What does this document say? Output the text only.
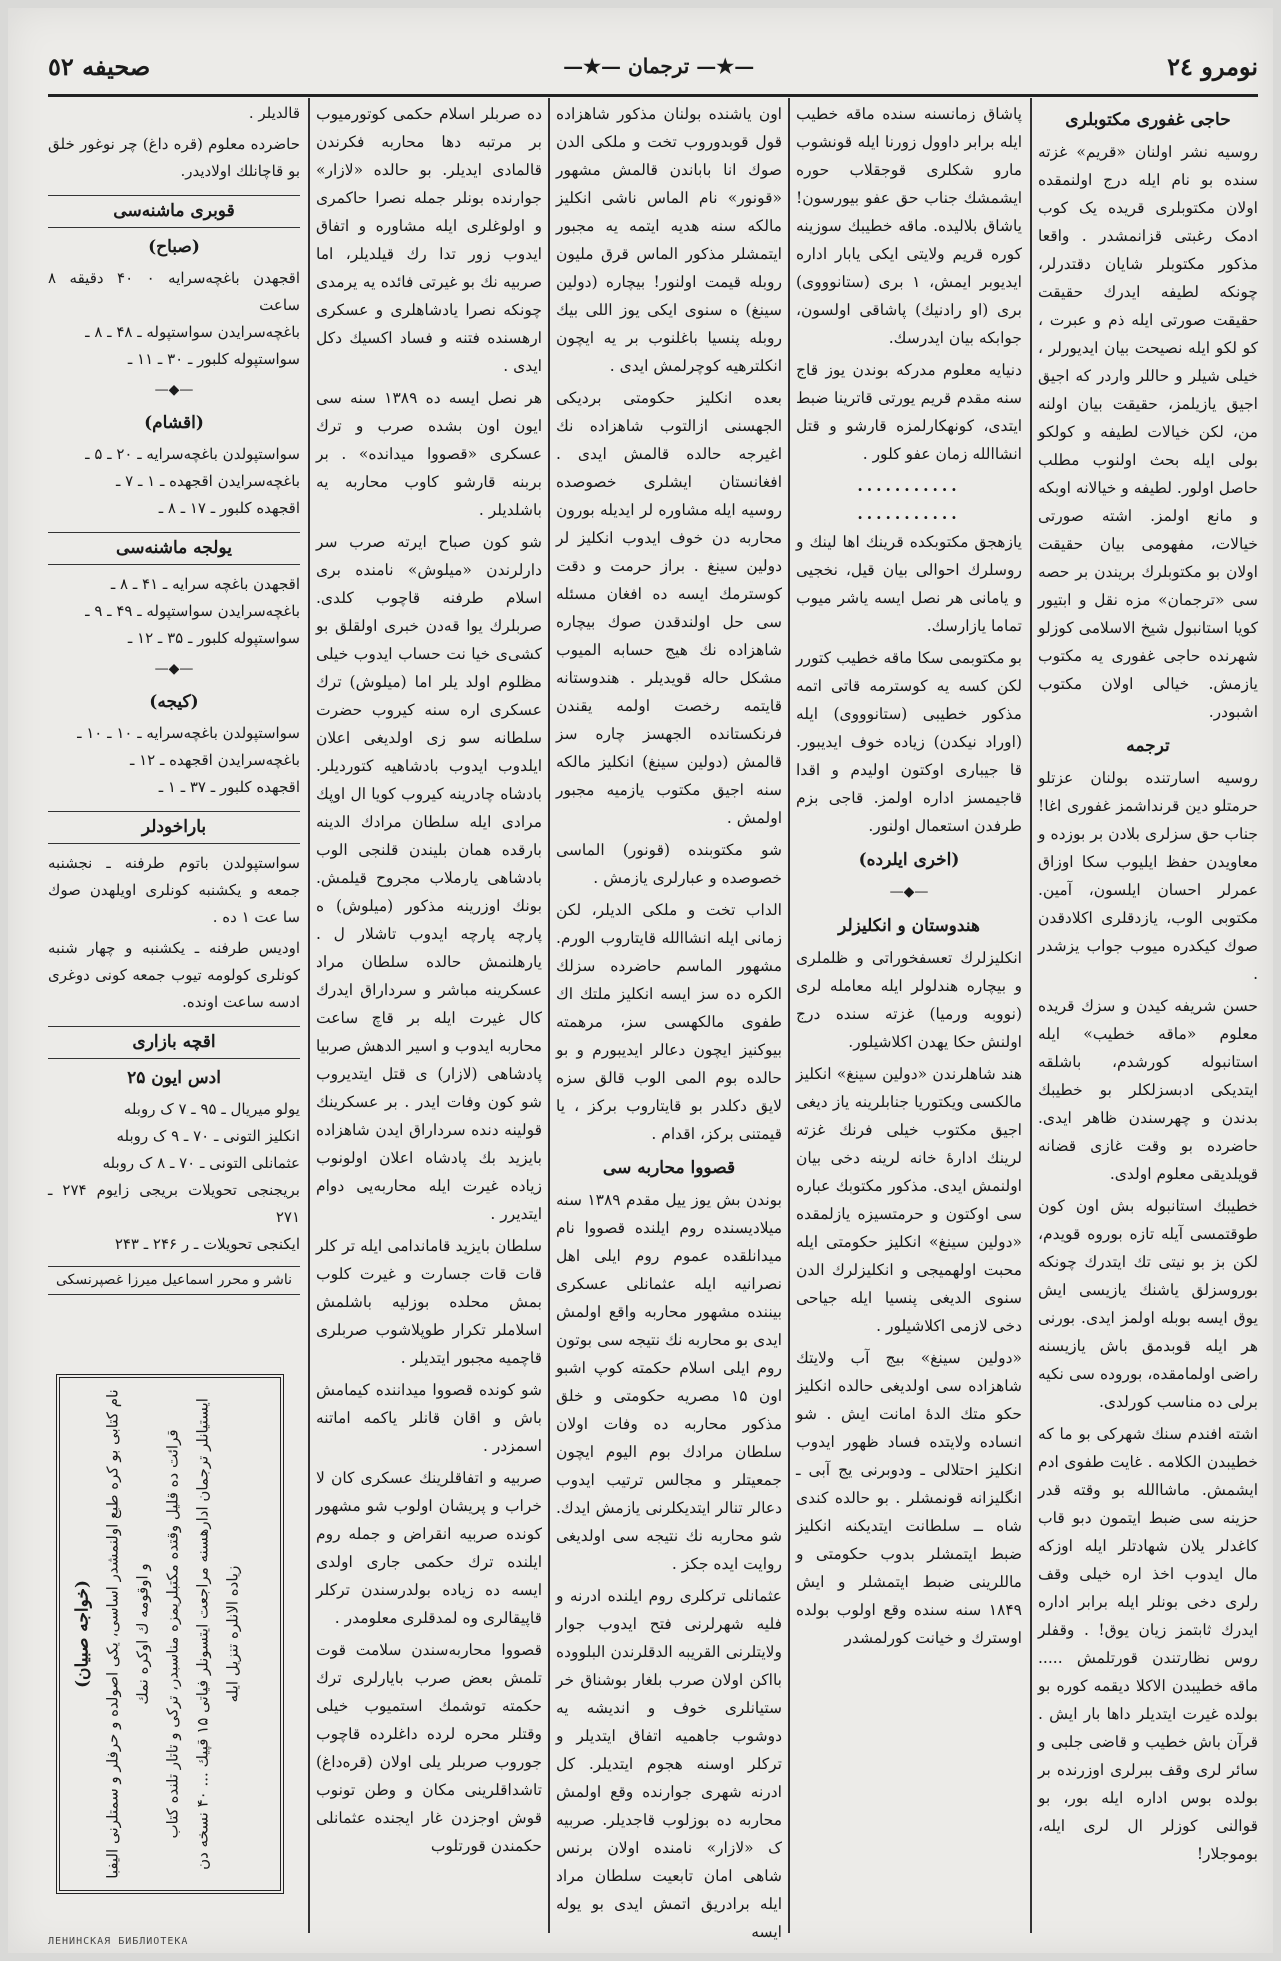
نومرو ٢٤
—★— ترجمان —★—
صحيفه ٥٢
حاجی غفوری مکتوبلری

روسیه نشر اولنان «قریم» غزته سنده بو نام ایله درج اولنمقده اولان مکتوبلری قریده یک کوب ادمک رغبتی قزانمشدر . واقعا مذکور مکتوبلر شایان دقتدرلر، چونکه لطیفه ایدرك حقیقت حقیقت صورتی ایله ذم و عبرت ، کو لکو ایله نصیحت بیان ایدیورلر ، خیلی شیلر و حاللر واردر که اجیق اجیق یازیلمز، حقیقت بیان اولنه من، لکن خیالات لطیفه و کولکو بولی ایله بحث اولنوب مطلب حاصل اولور. لطیفه و خیالانه اوبکه و مانع اولمز. اشته صورتی خیالات، مفهومی بیان حقیقت اولان بو مکتوبلرك بریندن بر حصه سی «ترجمان» مزه نقل و ابتیور کویا استانبول شیخ الاسلامی کوزلو شهرنده حاجی غفوری یه مکتوب یازمش. خیالی اولان مکتوب اشبودر.

ترجمه

روسیه اسارتنده بولنان عزتلو حرمتلو دین قرنداشمز غفوری اغا! جناب حق سزلری بلادن بر بوزده و معاویدن حفظ ایلیوب سکا اوزاق عمرلر احسان ایلسون، آمین. مکتوبی الوب، یازدقلری اکلادقدن صوك کیکدره میوب جواب یزشدر .

حسن شریفه کیدن و سزك قریده معلوم «ماقه خطیب» ایله استانبوله کورشدم، باشلقه ایتدیکی ادبسزلکلر بو خطیبك بدندن و چهرسندن ظاهر ایدی. حاضرده بو وقت غازی قضانه قویلدیقی معلوم اولدی.

خطیبك استانبوله بش اون کون طوقتمسی آیله تازه بوروه قویدم، لکن بز بو نیتی تك ایتدرك چونکه بوروسزلق یاشنك یازیسی ایش یوق ایسه بوبله اولمز ایدی. بورنی هر ایله قوبدمق باش یازیسنه راضی اولمامقده، بوروده سی نکیه برلی ده مناسب کورلدی.

اشته افندم سنك شهرکی بو ما که خطیبدن الکلامه . غایت طفوی ادم ایشمش. ماشاالله بو وقته قدر حزینه سی ضبط ایتمون دبو قاب کاغدلر یلان شهادتلر ایله اوزکه مال ایدوب اخذ اره خیلی وقف رلری دخی بونلر ایله برابر اداره ایدرك ثابتمز زیان یوق! . وقفلر روس نظارتندن قورتلمش ..... ماقه خطیبدن الاکلا دیقمه کوره بو بولده غیرت ایتدیلر داها بار ایش . قرآن باش خطیب و قاضی جلبی و سائر لری وقف ببرلرى اوزرنده بر بولده بوس اداره ایله بور، بو قوالنی کوزلر ال لرى ایله، بوموجلار!

پاشاق زمانسنه سنده ماقه خطیب ایله برابر داوول زورنا ایله قونشوب مارو شکلری قوجقلاب حوره ایشمشك جناب حق عفو بیورسون! یاشاق بلالیده. ماقه خطیبك سوزینه کوره قریم ولایتی ایکی یابار اداره ایدیوبر ایمش، ۱ بری (ستانوووی) بری (او رادنیك) پاشاقی اولسون، جوابکه بیان ایدرسك.

دنیایه معلوم مدركه بوندن یوز قاج سنه مقدم قریم یورتی قاترینا ضبط ایتدی، کونهکارلمزه قارشو و قتل انشاالله زمان عفو کلور .

...........
...........

یازهجق مکتوبکده قرینك اها لینك و روسلرك احوالی بیان قیل، نخجیی و یامانی هر نصل ایسه یاشر میوب تماما یازارسك.

بو مکتوبمی سکا ماقه خطیب کتورر لکن کسه یه کوسترمه قاتی اتمه مذکور خطیبی (ستانوووی) ایله (اوراد نیکدن) زیاده خوف ایدیبور. قا جیباری اوکتون اولیدم و اقدا قاجیمسز اداره اولمز. قاجی بزم طرفدن استعمال اولنور.

(اخری ایلرده)
—◆—
هندوستان و انکلیزلر

انکلیزلرك تعسفخوراتی و ظلملری و بیچاره هندلولر ایله معامله لری (نووبه ورمیا) غزته سنده درج اولنش حکا یهدن اکلاشیلور.

هند شاهلرندن «دولین سینغ» انکلیز مالکسی ویکتوریا جنابلرینه یاز دیغی اجیق مکتوب خیلی فرنك غزته لرینك ادارهٔ خانه لرینه دخی بیان اولنمش ایدی. مذکور مکتوبك عباره سی اوکتون و حرمتسیزه یازلمقده «دولین سینغ» انکلیز حکومتی ایله محبت اولهمیجی و انکلیزلرك الدن سنوی الدیغی پنسیا ایله جیاحی دخی لازمی اکلاشیلور .

«دولین سینغ» بیج آب ولایتك شاهزاده سی اولدیغی حالده انکلیز حکو متك الدهٔ امانت ایش . شو انساده ولایتده فساد ظهور ایدوب انکلیز احتلالی ـ ودوبرنی یج آبی ـ انگلیزانه قونمشلر . بو حالده کندی شاه ــ سلطانت ایتدیکنه انکلیز ضبط ایتمشلر بدوب حکومتی و ماللرینی ضبط ایتمشلر و ایش ۱۸۴۹ سنه سنده وقع اولوب بولده اوسترك و خیانت کورلمشدر

اون یاشنده بولنان مذکور شاهزاده قول قوبدوروب تخت و ملکی الدن صوك انا باباندن قالمش مشهور «قونور» نام الماس ناشی انکلیز مالکه سنه هدیه ایتمه یه مجبور ایتمشلر مذکور الماس قرق ملیون روبله قیمت اولنور! بیچاره (دولین سینغ) ه سنوی ایکی یوز اللی بیك روبله پنسیا باغلنوب بر یه ایچون انکلترهیه کوچرلمش ایدی .

بعده انکلیز حکومتی بردیکی الجهسنی ازالتوب شاهزاده نك اغیرجه حالده قالمش ایدی . افغانستان ایشلری خصوصده روسیه ایله مشاوره لر ایدیله بورون محاربه دن خوف ایدوب انکلیز لر دولین سینغ . براز حرمت و دقت کوسترمك ایسه ده افغان مسئله سی حل اولندقدن صوك بیچاره شاهزاده نك هیج حسابه المیوب مشکل حاله قویدیلر . هندوستانه قایتمه رخصت اولمه یقندن فرنکستانده الجهسز چاره سز قالمش (دولین سینغ) انکلیز مالکه سنه اجیق مکتوب یازمیه مجبور اولمش .

شو مکتوبنده (قونور) الماسی خصوصده و عبارلری یازمش .

الداب تخت و ملکی الدیلر، لکن زمانی ایله انشاالله قایتاروب الورم. مشهور الماسم حاضرده سزلك الکره ده سز ایسه انکلیز ملتك اك طفوی مالکهسی سز، مرهمته بیوکنیز ایچون دعالر ایدیبورم و بو حالده بوم المی الوب قالق سزه لایق دکلدر بو قایتاروب برکز ، یا قیمتنی برکز، اقدام .

قصووا محاربه سی

بوندن بش یوز ییل مقدم ۱۳۸۹ سنه میلادیسنده روم ایلنده قصووا نام میدانلقده عموم روم ایلی اهل نصرانیه ایله عثمانلی عسکری بیننده مشهور محاربه واقع اولمش ایدی بو محاربه نك نتیجه سی بوتون روم ایلی اسلام حکمته کوپ اشبو اون ۱۵ مصریه حکومتی و خلق مذکور محاربه ده وفات اولان سلطان مرادك بوم الیوم ایچون جمعیتلر و مجالس ترتیب ایدوب دعالر تنالر ایتدیکلرنی یازمش ایدك. شو محاربه نك نتیجه سی اولدیغی روایت ایده جکز .

عثمانلی ترکلری روم ایلنده ادرنه و فلیه شهرلرنی فتح ایدوب جوار ولایتلرنی القریبه الدقلرندن البلووده بااکن اولان صرب بلغار بوشناق خر ستیانلری خوف و اندیشه یه دوشوب جاهمیه اتفاق ایتدیلر و ترکلر اوسنه هجوم ایتدیلر. کل ادرنه شهری جوارنده وقع اولمش محاربه ده بوزلوب قاجدیلر. صربیه ک «لازار» نامنده اولان برنس شاهی امان تابعیت سلطان مراد ایله برادریق اتمش ایدی بو یوله ایسه

ده صربلر اسلام حکمی کوتورمیوب بر مرتبه دها محاربه فکرندن قالمادی ایدیلر. بو حالده «لازار» جوارنده بونلر جمله نصرا حاکمری و اولوغلری ایله مشاوره و اتفاق ایدوب زور تدا رك قیلدیلر، اما صربیه نك بو غیرتی فائده یه یرمدی چونکه نصرا یادشاهلری و عسکری ارهسنده فتنه و فساد اکسیك دکل ایدی .

هر نصل ایسه ده ۱۳۸۹ سنه سی ایون اون بشده صرب و ترك عسکری «قصووا میدانده» . بر بربنه قارشو کاوب محاربه یه باشلدیلر .

شو کون صباح ایرته صرب سر دارلرندن «میلوش» نامنده بری اسلام طرفنه قاچوب کلدی. صربلرك یوا قه‌دن خبری اولقلق بو کشی‌ی خیا نت حساب ایدوب خیلی مظلوم اولد یلر اما (میلوش) ترك عسکری اره سنه کیروب حضرت سلطانه سو زی اولدیغی اعلان ایلدوب ایدوب بادشاهیه کتوردیلر. بادشاه چادرینه کیروب کویا ال اوپك مرادی ایله سلطان مرادك الدینه بارقده همان بلیندن قلنجی الوب بادشاهی یارملاب مجروح قیلمش. بونك اوزرینه مذکور (میلوش) ه پارچه پارچه ایدوب تاشلار ل . یارهلنمش حالده سلطان مراد عسکرینه مباشر و سرداراق ایدرك کال غیرت ایله بر قاچ ساعت محاربه ایدوب و اسیر الدهش صربیا پادشاهی (لازار) ی قتل ایتدیروب شو کون وفات ایدر . بر عسکرینك قولینه دنده سرداراق ایدن شاهزاده بایزید بك پادشاه اعلان اولونوب زیاده غیرت ایله محاربه‌یی دوام ایتدیرر .

سلطان بایزید قاماندامی ایله تر کلر قات قات جسارت و غیرت کلوب بمش محلده بوزلیه باشلمش اسلاملر تکرار طوپلاشوب صربلری قاچمیه مجبور ایتدیلر .

شو کونده قصووا میداننده کیمامش باش و اقان قانلر یاکمه اماتنه اسمزدر .

صربیه و اتفاقلرینك عسکری کان لا خراب و پریشان اولوب شو مشهور کونده صربیه انقراض و جمله روم ایلنده ترك حکمی جاری اولدی ایسه ده زیاده بولدرسندن ترکلر قاپیقالری وه لمدقلری معلومدر .

قصووا محاربه‌سندن سلامت قوت تلمش بعض صرب بایارلری ترك حکمته توشمك استمیوب خیلی وقتلر محره لرده داغلرده قاچوب جوروب صربلر یلی اولان (قره‌داغ) تاشداقلرینی مكان و وطن تونوب قوش اوجزدن غار ایجنده عثمانلی حکمندن قورتلوب

قالدیلر .

حاضرده معلوم (قره داغ) چر نوغور خلق بو قاچانلك اولادیدر.

قوبری ماشنه‌سی
(صباح)
اقجهدن باغچه‌سرایه ۰ ۴۰ دقیقه ۸ ساعت
باغچه‌سرایدن سواستپوله ـ ۴۸ ـ ۸ ـ
سواستپوله کلبور ـ ۳۰ ـ ۱۱ ـ
—◆—
(اقشام)
سواستپولدن باغچه‌سرایه ـ ۲۰ ـ ۵ ـ
باغچه‌سرایدن اقجهده ـ ۱ ـ ۷ ـ
اقجهده کلبور ـ ۱۷ ـ ۸ ـ
یولجه ماشنه‌سی
اقجهدن باغچه سرایه ـ ۴۱ ـ ۸ ـ
باغچه‌سرایدن سواستپوله ـ ۴۹ ـ ۹ ـ
سواستپوله کلبور ـ ۳۵ ـ ۱۲ ـ
—◆—
(کیجه)
سواستپولدن باغچه‌سرایه ـ ۱۰ ـ ۱۰ ـ
باغچه‌سرایدن اقجهده ـ ۱۲ ـ
اقجهده کلبور ـ ۳۷ ـ ۱ ـ
باراخودلر

سواستپولدن باتوم طرفنه ـ نجشنبه جمعه و یکشنبه کونلری اویلهدن صوك سا عت ۱ ده .

اودیس طرفنه ـ یکشنبه و چهار شنبه کونلری کولومه تیوب جمعه کونی دوغری ادسه ساعت اونده.

اقچه بازاری
ادس ایون ۲۵
یولو میریال ـ ۹۵ ـ ۷ ک روبله
انکلیز التونی ـ ۷۰ ـ ۹ ک روبله
عثمانلی التونی ـ ۷۰ ـ ۸ ک روبله
بریجنجی تحویلات بریجی زایوم ۲۷۴ ـ ۲۷۱
ایکنجی تحویلات ـ ر ۲۴۶ ـ ۲۴۳
ناشر و محرر اسماعیل میرزا غصپرنسکی
(خواجه صبیان) نام کتابی بو کره طبع اولنمشدر اساسی، یکی اصولده و حرفلر و سمتلرنی الیفبا و اوقومه ك اوكره نمك قرائت ده قلیل وقتده مکتبلریمزه مناسبدر، ترکی و تاتار تلنده کتاب
ایستیانلر ترجمان ادارهسنه مراجعت ایتسونلر فیاتی ۱۵ قپیك ... ۴۰ نسخه دن زیاده الانلره تنزیل ایله
ЛЕНИНСКАЯ БИБЛИОТЕКА
